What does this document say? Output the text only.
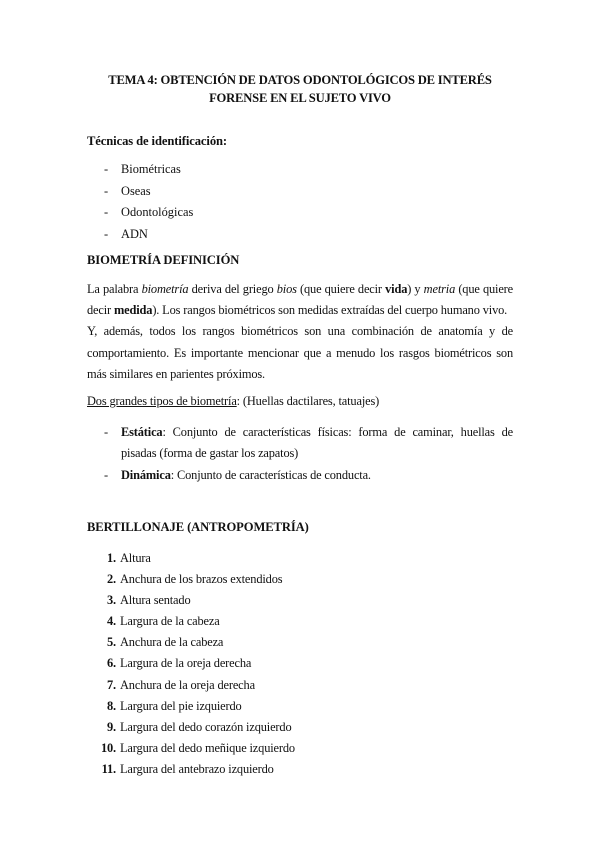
TEMA 4: OBTENCIÓN DE DATOS ODONTOLÓGICOS DE INTERÉS
FORENSE EN EL SUJETO VIVO
Técnicas de identificación:
- Biométricas
- Oseas
- Odontológicas
- ADN
BIOMETRÍA DEFINICIÓN
La palabra biometría deriva del griego bios (que quiere decir vida) y metria (que quiere
decir medida). Los rangos biométricos son medidas extraídas del cuerpo humano vivo.
Y, además, todos los rangos biométricos son una combinación de anatomía y de
comportamiento. Es importante mencionar que a menudo los rasgos biométricos son
más similares en parientes próximos.
Dos grandes tipos de biometría: (Huellas dactilares, tatuajes)
- Estática: Conjunto de características físicas: forma de caminar, huellas de
pisadas (forma de gastar los zapatos)
- Dinámica: Conjunto de características de conducta.
BERTILLONAJE (ANTROPOMETRÍA)
1. Altura
2. Anchura de los brazos extendidos
3. Altura sentado
4. Largura de la cabeza
5. Anchura de la cabeza
6. Largura de la oreja derecha
7. Anchura de la oreja derecha
8. Largura del pie izquierdo
9. Largura del dedo corazón izquierdo
10. Largura del dedo meñique izquierdo
11. Largura del antebrazo izquierdo
